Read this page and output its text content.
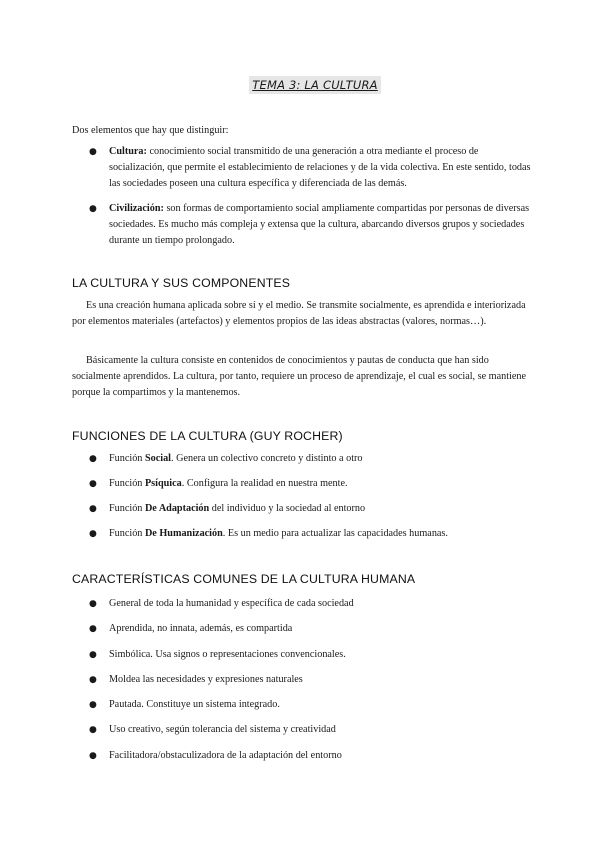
TEMA 3: LA CULTURA
Dos elementos que hay que distinguir:
● Cultura: conocimiento social transmitido de una generación a otra mediante el proceso de socialización, que permite el establecimiento de relaciones y de la vida colectiva. En este sentido, todas las sociedades poseen una cultura específica y diferenciada de las demás.
● Civilización: son formas de comportamiento social ampliamente compartidas por personas de diversas sociedades. Es mucho más compleja y extensa que la cultura, abarcando diversos grupos y sociedades durante un tiempo prolongado.
LA CULTURA Y SUS COMPONENTES
Es una creación humana aplicada sobre sí y el medio. Se transmite socialmente, es aprendida e interiorizada por elementos materiales (artefactos) y elementos propios de las ideas abstractas (valores, normas…).
Básicamente la cultura consiste en contenidos de conocimientos y pautas de conducta que han sido socialmente aprendidos. La cultura, por tanto, requiere un proceso de aprendizaje, el cual es social, se mantiene porque la compartimos y la mantenemos.
FUNCIONES DE LA CULTURA (GUY ROCHER)
● Función Social. Genera un colectivo concreto y distinto a otro
● Función Psíquica. Configura la realidad en nuestra mente.
● Función De Adaptación del individuo y la sociedad al entorno
● Función De Humanización. Es un medio para actualizar las capacidades humanas.
CARACTERÍSTICAS COMUNES DE LA CULTURA HUMANA
● General de toda la humanidad y específica de cada sociedad
● Aprendida, no innata, además, es compartida
● Simbólica. Usa signos o representaciones convencionales.
● Moldea las necesidades y expresiones naturales
● Pautada. Constituye un sistema integrado.
● Uso creativo, según tolerancia del sistema y creatividad
● Facilitadora/obstaculizadora de la adaptación del entorno
